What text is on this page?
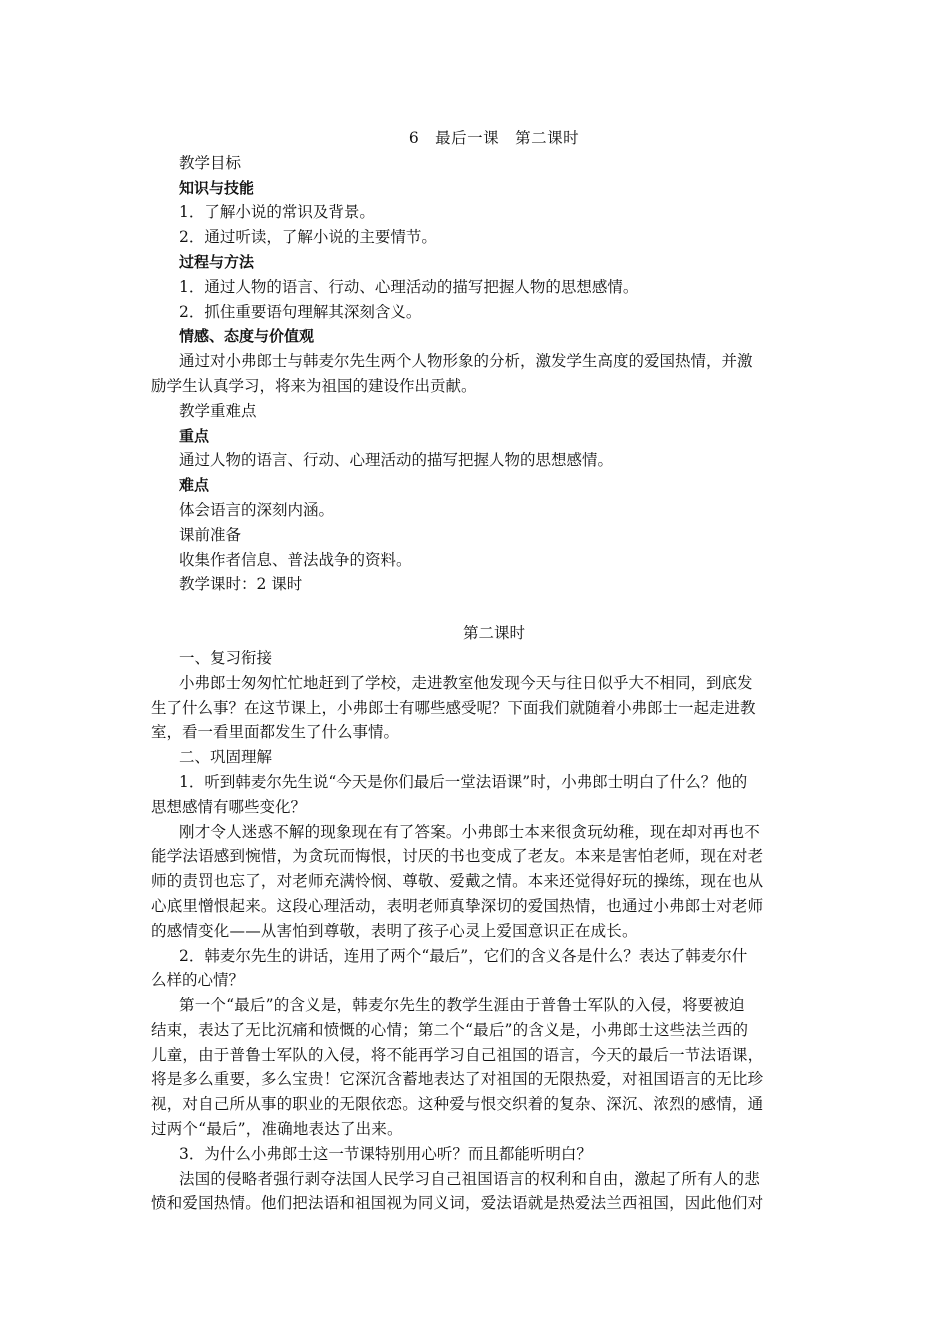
6　最后一课　第二课时

教学目标

知识与技能

1．了解小说的常识及背景。

2．通过听读，了解小说的主要情节。

过程与方法

1．通过人物的语言、行动、心理活动的描写把握人物的思想感情。

2．抓住重要语句理解其深刻含义。

情感、态度与价值观

通过对小弗郎士与韩麦尔先生两个人物形象的分析，激发学生高度的爱国热情，并激

励学生认真学习，将来为祖国的建设作出贡献。

教学重难点

重点

通过人物的语言、行动、心理活动的描写把握人物的思想感情。

难点

体会语言的深刻内涵。

课前准备

收集作者信息、普法战争的资料。

教学课时：2 课时

第二课时

一、复习衔接

小弗郎士匆匆忙忙地赶到了学校，走进教室他发现今天与往日似乎大不相同，到底发

生了什么事？在这节课上，小弗郎士有哪些感受呢？下面我们就随着小弗郎士一起走进教

室，看一看里面都发生了什么事情。

二、巩固理解

1．听到韩麦尔先生说“今天是你们最后一堂法语课”时，小弗郎士明白了什么？他的

思想感情有哪些变化？

刚才令人迷惑不解的现象现在有了答案。小弗郎士本来很贪玩幼稚，现在却对再也不

能学法语感到惋惜，为贪玩而悔恨，讨厌的书也变成了老友。本来是害怕老师，现在对老

师的责罚也忘了，对老师充满怜悯、尊敬、爱戴之情。本来还觉得好玩的操练，现在也从

心底里憎恨起来。这段心理活动，表明老师真挚深切的爱国热情，也通过小弗郎士对老师

的感情变化——从害怕到尊敬，表明了孩子心灵上爱国意识正在成长。

2．韩麦尔先生的讲话，连用了两个“最后”，它们的含义各是什么？表达了韩麦尔什

么样的心情？

第一个“最后”的含义是，韩麦尔先生的教学生涯由于普鲁士军队的入侵，将要被迫

结束，表达了无比沉痛和愤慨的心情；第二个“最后”的含义是，小弗郎士这些法兰西的

儿童，由于普鲁士军队的入侵，将不能再学习自己祖国的语言，今天的最后一节法语课，

将是多么重要，多么宝贵！它深沉含蓄地表达了对祖国的无限热爱，对祖国语言的无比珍

视，对自己所从事的职业的无限依恋。这种爱与恨交织着的复杂、深沉、浓烈的感情，通

过两个“最后”，准确地表达了出来。

3．为什么小弗郎士这一节课特别用心听？而且都能听明白？

法国的侵略者强行剥夺法国人民学习自己祖国语言的权利和自由，激起了所有人的悲

愤和爱国热情。他们把法语和祖国视为同义词，爱法语就是热爱法兰西祖国，因此他们对
